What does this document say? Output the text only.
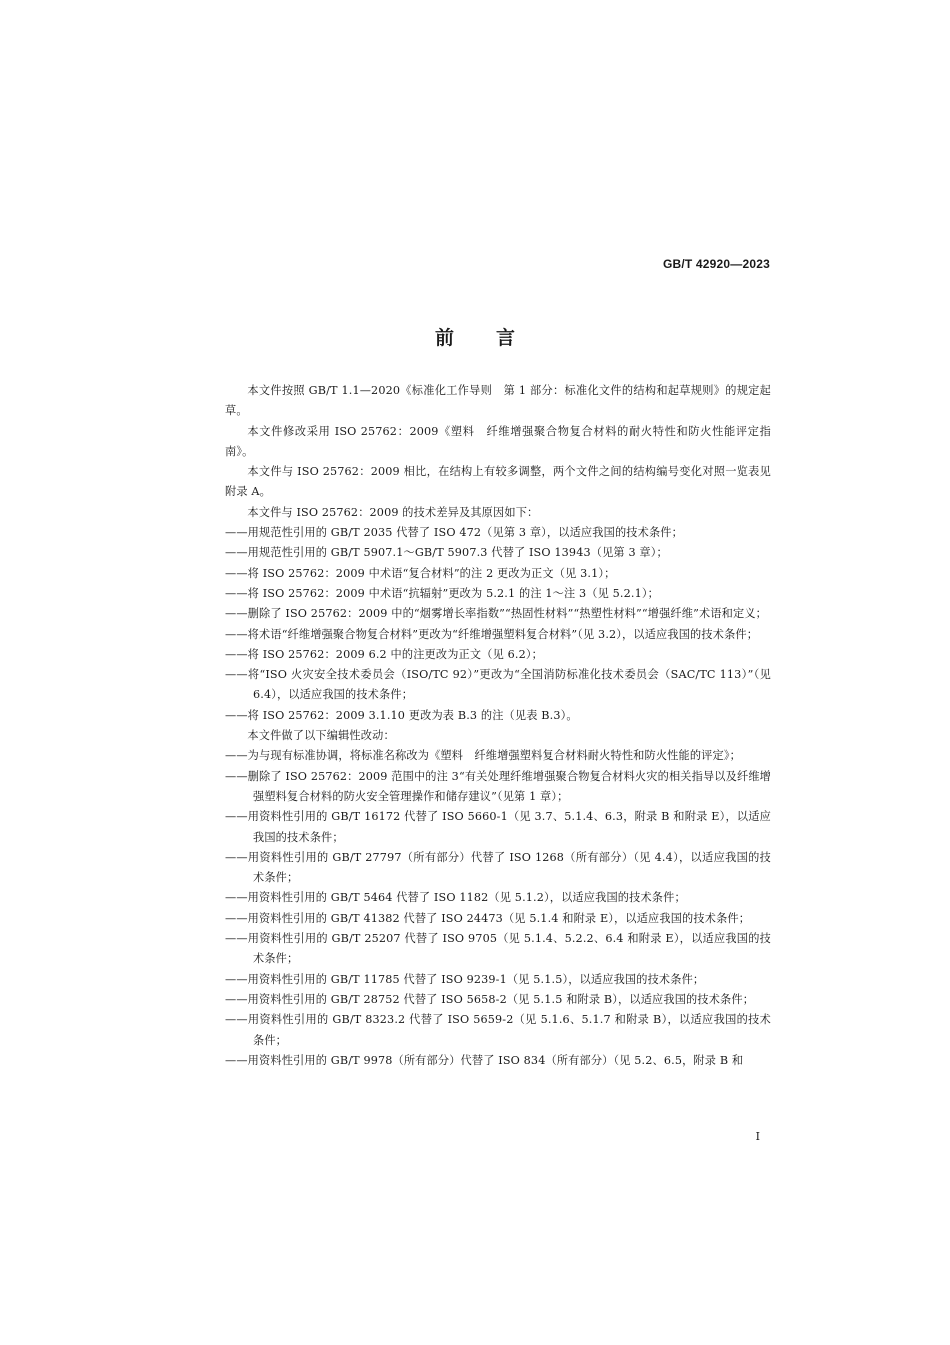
GB/T 42920—2023
前言

本文件按照 GB/T 1.1—2020《标准化工作导则　第 1 部分：标准化文件的结构和起草规则》的规定起草。

本文件修改采用 ISO 25762：2009《塑料　纤维增强聚合物复合材料的耐火特性和防火性能评定指南》。

本文件与 ISO 25762：2009 相比，在结构上有较多调整，两个文件之间的结构编号变化对照一览表见附录 A。

本文件与 ISO 25762：2009 的技术差异及其原因如下：

——用规范性引用的 GB/T 2035 代替了 ISO 472（见第 3 章），以适应我国的技术条件；

——用规范性引用的 GB/T 5907.1～GB/T 5907.3 代替了 ISO 13943（见第 3 章）；

——将 ISO 25762：2009 中术语“复合材料”的注 2 更改为正文（见 3.1）；

——将 ISO 25762：2009 中术语“抗辐射”更改为 5.2.1 的注 1～注 3（见 5.2.1）；

——删除了 ISO 25762：2009 中的“烟雾增长率指数”“热固性材料”“热塑性材料”“增强纤维”术语和定义；

——将术语“纤维增强聚合物复合材料”更改为“纤维增强塑料复合材料”（见 3.2），以适应我国的技术条件；

——将 ISO 25762：2009 6.2 中的注更改为正文（见 6.2）；

——将“ISO 火灾安全技术委员会（ISO/TC 92）”更改为“全国消防标准化技术委员会（SAC/TC 113）”（见 6.4），以适应我国的技术条件；

——将 ISO 25762：2009 3.1.10 更改为表 B.3 的注（见表 B.3）。

本文件做了以下编辑性改动：

——为与现有标准协调，将标准名称改为《塑料　纤维增强塑料复合材料耐火特性和防火性能的评定》；

——删除了 ISO 25762：2009 范围中的注 3“有关处理纤维增强聚合物复合材料火灾的相关指导以及纤维增强塑料复合材料的防火安全管理操作和储存建议”（见第 1 章）；

——用资料性引用的 GB/T 16172 代替了 ISO 5660-1（见 3.7、5.1.4、6.3，附录 B 和附录 E），以适应我国的技术条件；

——用资料性引用的 GB/T 27797（所有部分）代替了 ISO 1268（所有部分）（见 4.4），以适应我国的技术条件；

——用资料性引用的 GB/T 5464 代替了 ISO 1182（见 5.1.2），以适应我国的技术条件；

——用资料性引用的 GB/T 41382 代替了 ISO 24473（见 5.1.4 和附录 E），以适应我国的技术条件；

——用资料性引用的 GB/T 25207 代替了 ISO 9705（见 5.1.4、5.2.2、6.4 和附录 E），以适应我国的技术条件；

——用资料性引用的 GB/T 11785 代替了 ISO 9239-1（见 5.1.5），以适应我国的技术条件；

——用资料性引用的 GB/T 28752 代替了 ISO 5658-2（见 5.1.5 和附录 B），以适应我国的技术条件；

——用资料性引用的 GB/T 8323.2 代替了 ISO 5659-2（见 5.1.6、5.1.7 和附录 B），以适应我国的技术条件；

——用资料性引用的 GB/T 9978（所有部分）代替了 ISO 834（所有部分）（见 5.2、6.5，附录 B 和

I
